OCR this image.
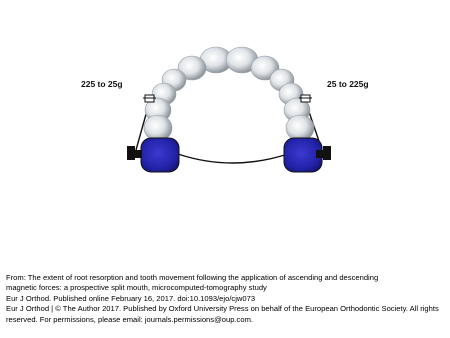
225 to 25g	25 to 225g
From: The extent of root resorption and tooth movement following the application of ascending and descending
magnetic forces: a prospective split mouth, microcomputed-tomography study
Eur J Orthod. Published online February 16, 2017. doi:10.1093/ejo/cjw073
Eur J Orthod | © The Author 2017. Published by Oxford University Press on behalf of the European Orthodontic Society. All rights
reserved. For permissions, please email: journals.permissions@oup.com.
